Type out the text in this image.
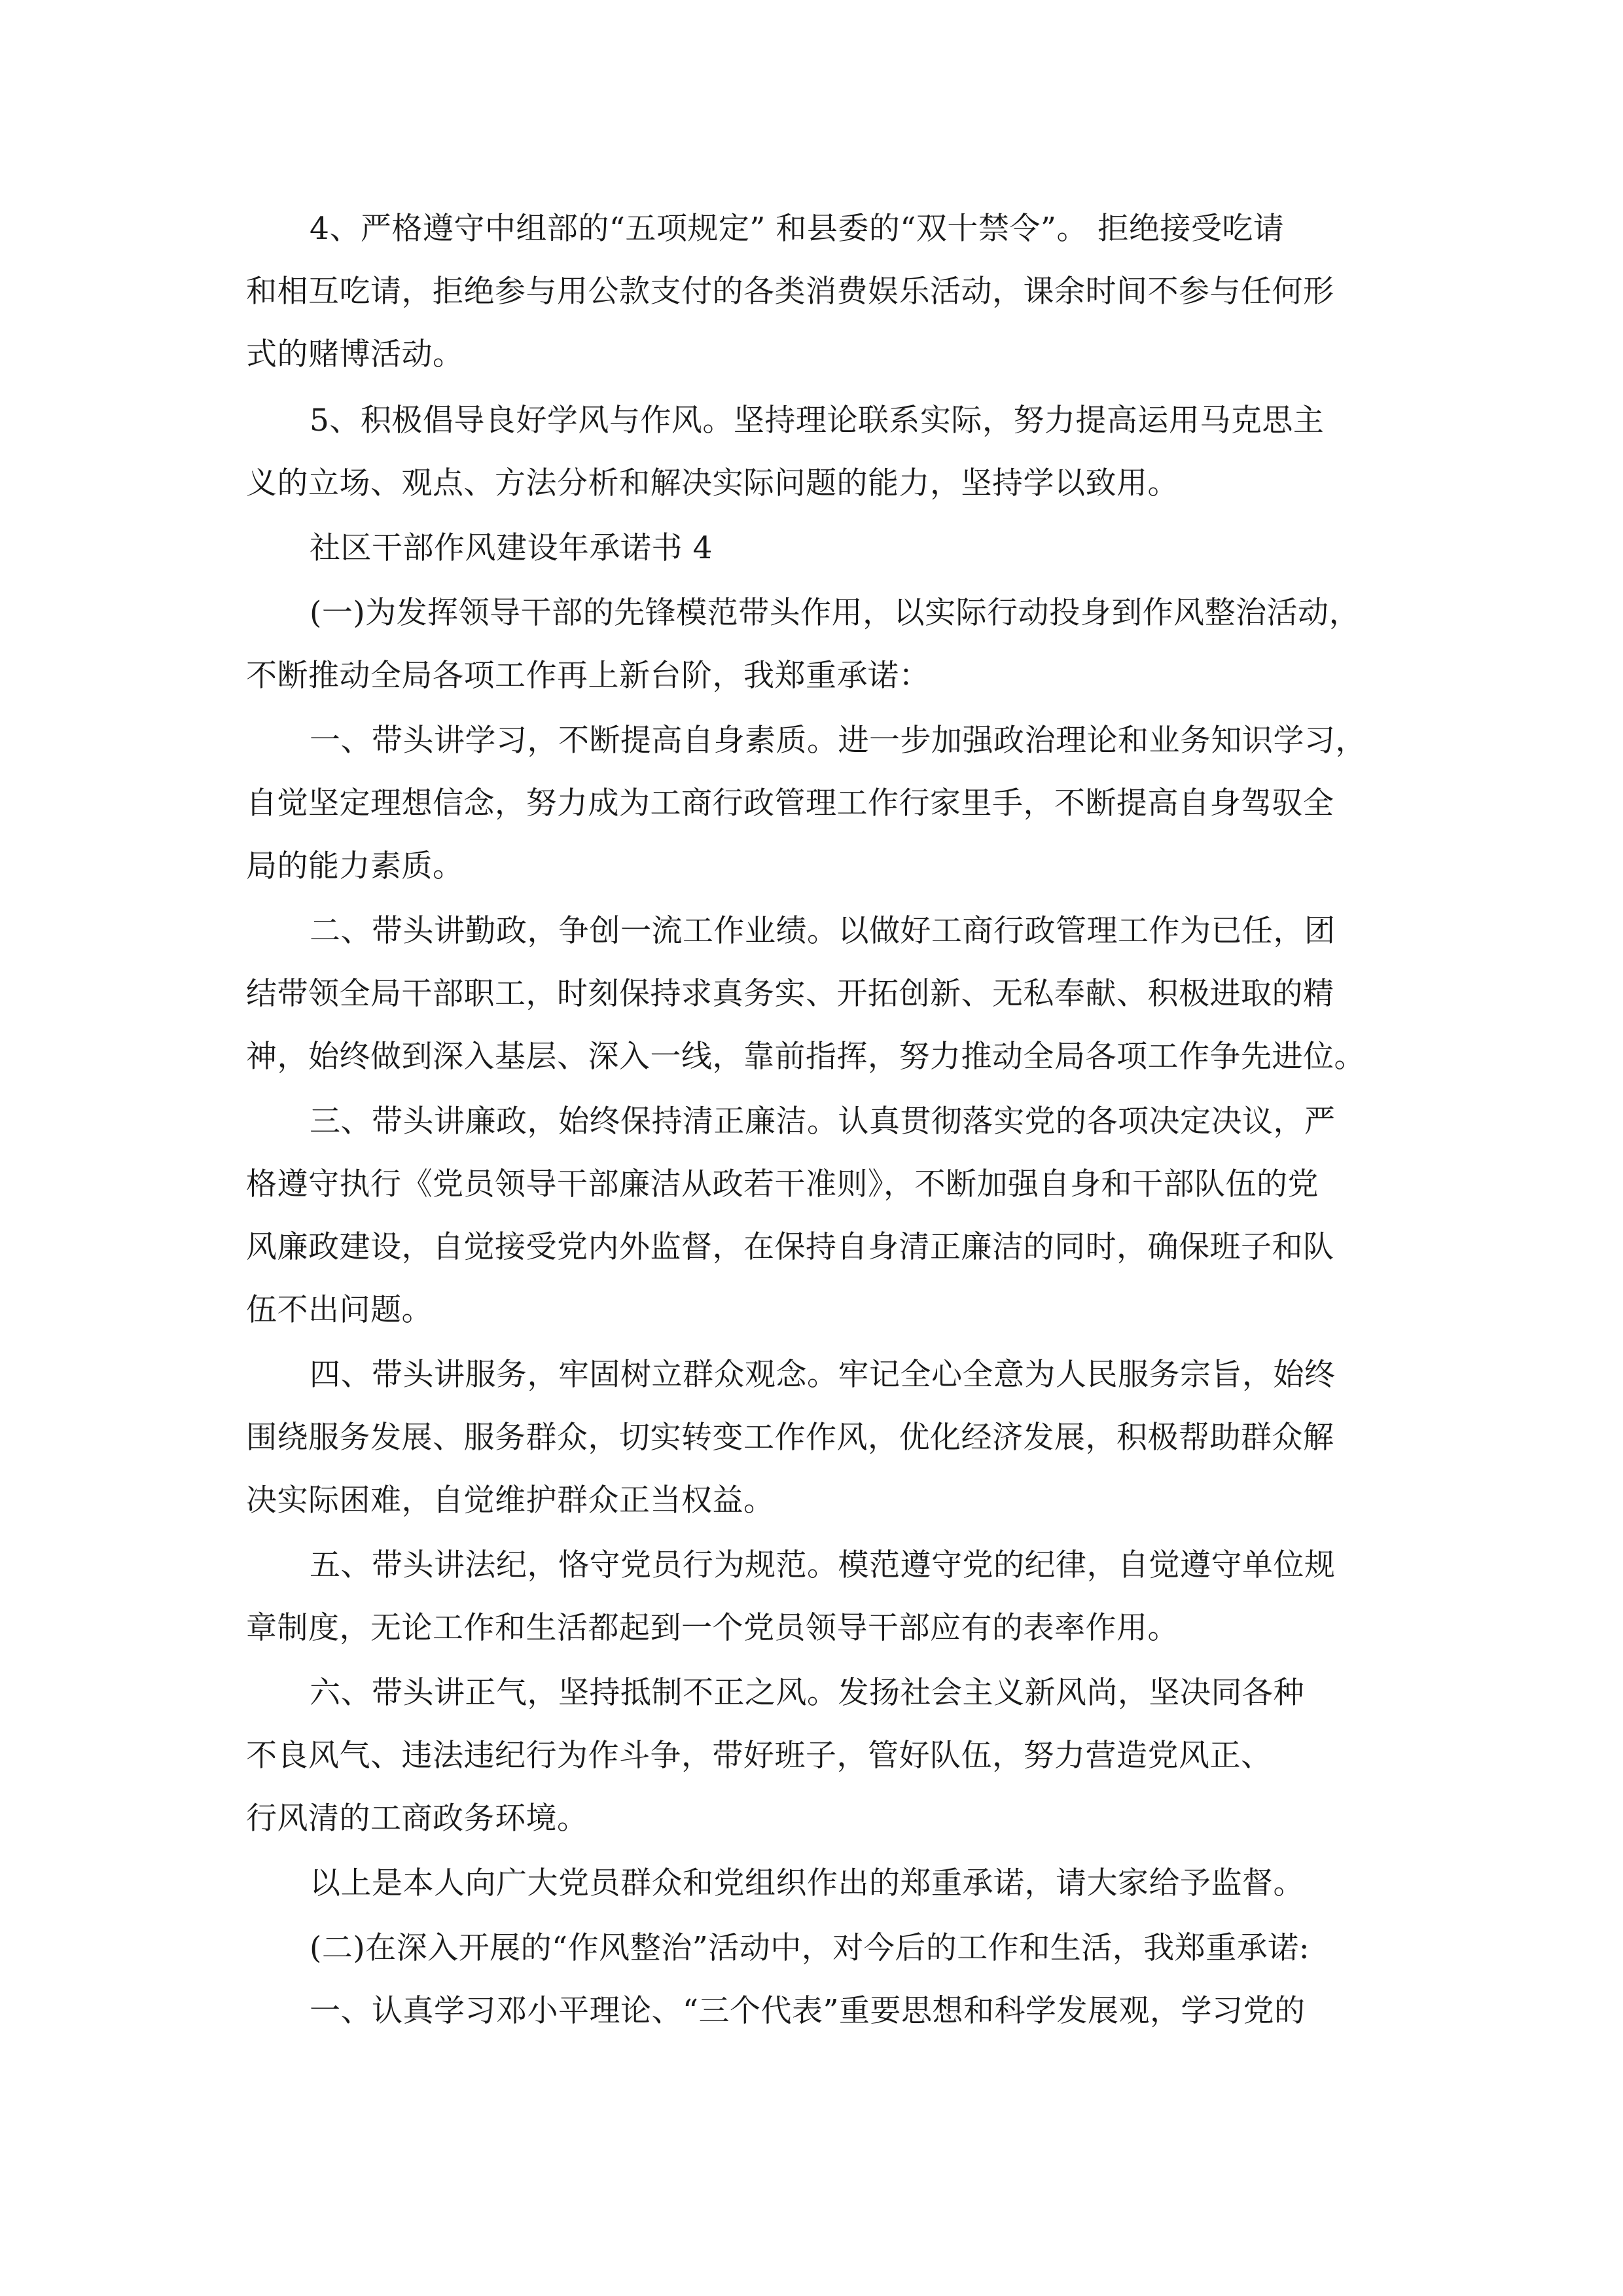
4、严格遵守中组部的“五项规定” 和县委的“双十禁令”。 拒绝接受吃请
和相互吃请，拒绝参与用公款支付的各类消费娱乐活动，课余时间不参与任何形
式的赌博活动。
5、积极倡导良好学风与作风。坚持理论联系实际，努力提高运用马克思主
义的立场、观点、方法分析和解决实际问题的能力，坚持学以致用。
社区干部作风建设年承诺书 4
(一)为发挥领导干部的先锋模范带头作用，以实际行动投身到作风整治活动，
不断推动全局各项工作再上新台阶，我郑重承诺：
一、带头讲学习，不断提高自身素质。进一步加强政治理论和业务知识学习，
自觉坚定理想信念，努力成为工商行政管理工作行家里手，不断提高自身驾驭全
局的能力素质。
二、带头讲勤政，争创一流工作业绩。以做好工商行政管理工作为已任，团
结带领全局干部职工，时刻保持求真务实、开拓创新、无私奉献、积极进取的精
神，始终做到深入基层、深入一线，靠前指挥，努力推动全局各项工作争先进位。
三、带头讲廉政，始终保持清正廉洁。认真贯彻落实党的各项决定决议，严
格遵守执行《党员领导干部廉洁从政若干准则》，不断加强自身和干部队伍的党
风廉政建设，自觉接受党内外监督，在保持自身清正廉洁的同时，确保班子和队
伍不出问题。
四、带头讲服务，牢固树立群众观念。牢记全心全意为人民服务宗旨，始终
围绕服务发展、服务群众，切实转变工作作风，优化经济发展，积极帮助群众解
决实际困难，自觉维护群众正当权益。
五、带头讲法纪，恪守党员行为规范。模范遵守党的纪律，自觉遵守单位规
章制度，无论工作和生活都起到一个党员领导干部应有的表率作用。
六、带头讲正气，坚持抵制不正之风。发扬社会主义新风尚，坚决同各种
不良风气、违法违纪行为作斗争，带好班子，管好队伍，努力营造党风正、
行风清的工商政务环境。
以上是本人向广大党员群众和党组织作出的郑重承诺，请大家给予监督。
(二)在深入开展的“作风整治”活动中，对今后的工作和生活，我郑重承诺:
一、认真学习邓小平理论、“三个代表”重要思想和科学发展观，学习党的
